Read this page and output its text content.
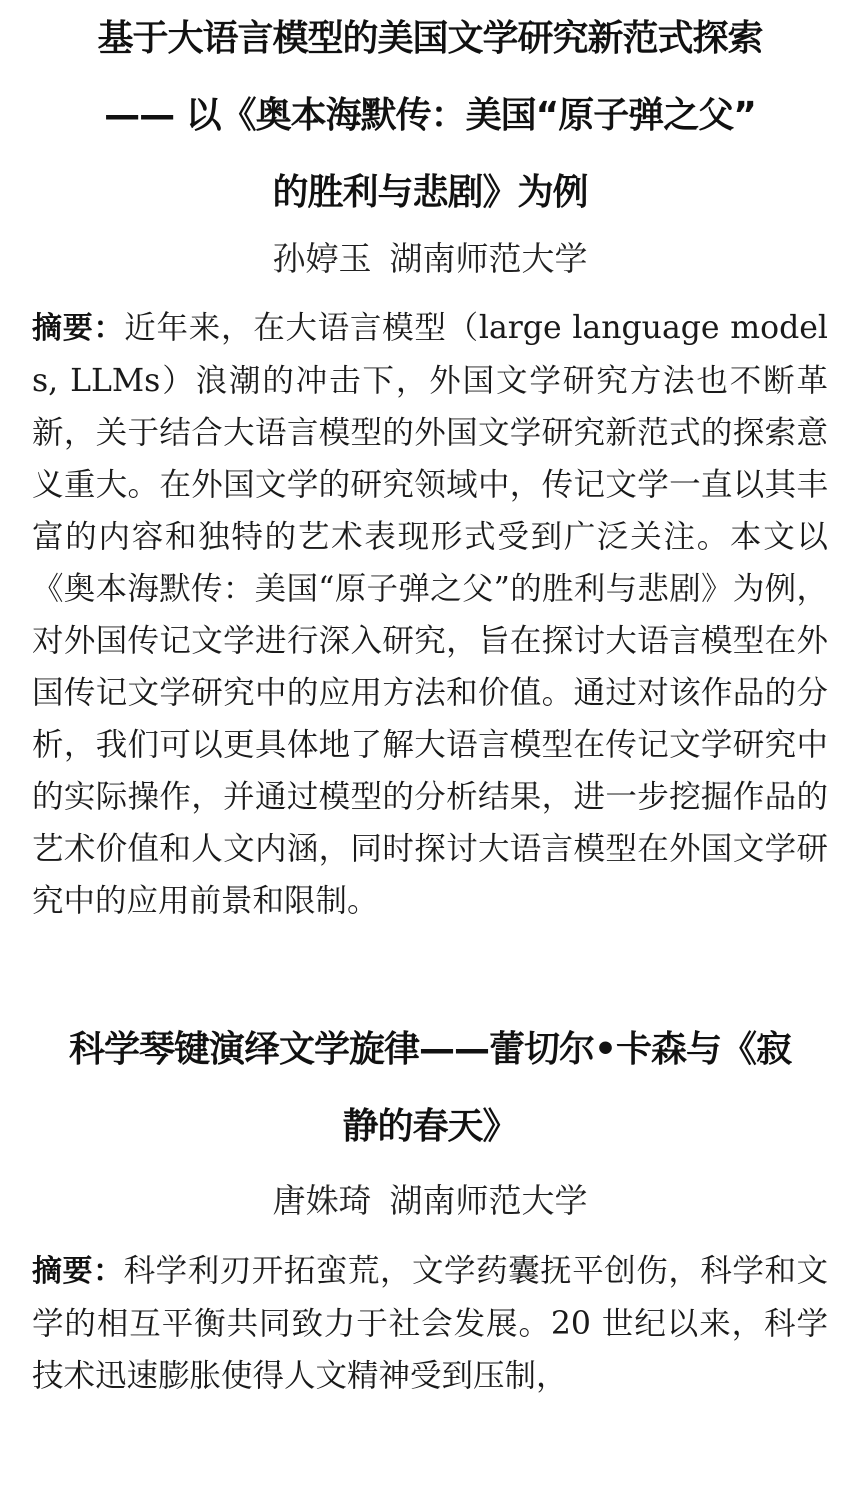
基于大语言模型的美国文学研究新范式探索
—— 以《奥本海默传：美国“原子弹之父”
的胜利与悲剧》为例

孙婷玉 湖南师范大学

摘要：近年来，在大语言模型（large language models, LLMs）浪潮的冲击下，外国文学研究方法也不断革新，关于结合大语言模型的外国文学研究新范式的探索意义重大。在外国文学的研究领域中，传记文学一直以其丰富的内容和独特的艺术表现形式受到广泛关注。本文以《奥本海默传：美国“原子弹之父”的胜利与悲剧》为例，对外国传记文学进行深入研究，旨在探讨大语言模型在外国传记文学研究中的应用方法和价值。通过对该作品的分析，我们可以更具体地了解大语言模型在传记文学研究中的实际操作，并通过模型的分析结果，进一步挖掘作品的艺术价值和人文内涵，同时探讨大语言模型在外国文学研究中的应用前景和限制。

科学琴键演绎文学旋律——蕾切尔•卡森与《寂
静的春天》

唐姝琦 湖南师范大学

摘要：科学利刃开拓蛮荒，文学药囊抚平创伤，科学和文学的相互平衡共同致力于社会发展。20 世纪以来，科学技术迅速膨胀使得人文精神受到压制，
